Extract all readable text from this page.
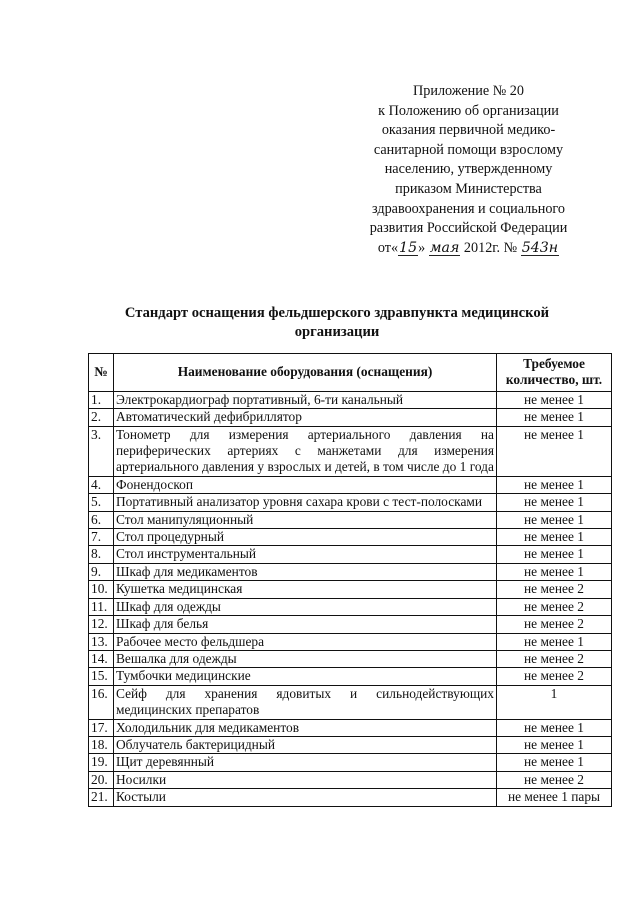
Приложение № 20
к Положению об организации
оказания первичной медико-
санитарной помощи взрослому
населению, утвержденному
приказом Министерства
здравоохранения и социального
развития Российской Федерации
от«15» мая 2012г. № 543н
Стандарт оснащения фельдшерского здравпункта медицинской организации
№	Наименование оборудования (оснащения)	Требуемое количество, шт.
1.	Электрокардиограф портативный, 6-ти канальный	не менее 1
2.	Автоматический дефибриллятор	не менее 1
3.	Тонометр для измерения артериального давления на периферических артериях с манжетами для измерения артериального давления у взрослых и детей, в том числе до 1 года	не менее 1
4.	Фонендоскоп	не менее 1
5.	Портативный анализатор уровня сахара крови с тест-полосками	не менее 1
6.	Стол манипуляционный	не менее 1
7.	Стол процедурный	не менее 1
8.	Стол инструментальный	не менее 1
9.	Шкаф для медикаментов	не менее 1
10.	Кушетка медицинская	не менее 2
11.	Шкаф для одежды	не менее 2
12.	Шкаф для белья	не менее 2
13.	Рабочее место фельдшера	не менее 1
14.	Вешалка для одежды	не менее 2
15.	Тумбочки медицинские	не менее 2
16.	Сейф для хранения ядовитых и сильнодействующих медицинских препаратов	1
17.	Холодильник для медикаментов	не менее 1
18.	Облучатель бактерицидный	не менее 1
19.	Щит деревянный	не менее 1
20.	Носилки	не менее 2
21.	Костыли	не менее 1 пары
